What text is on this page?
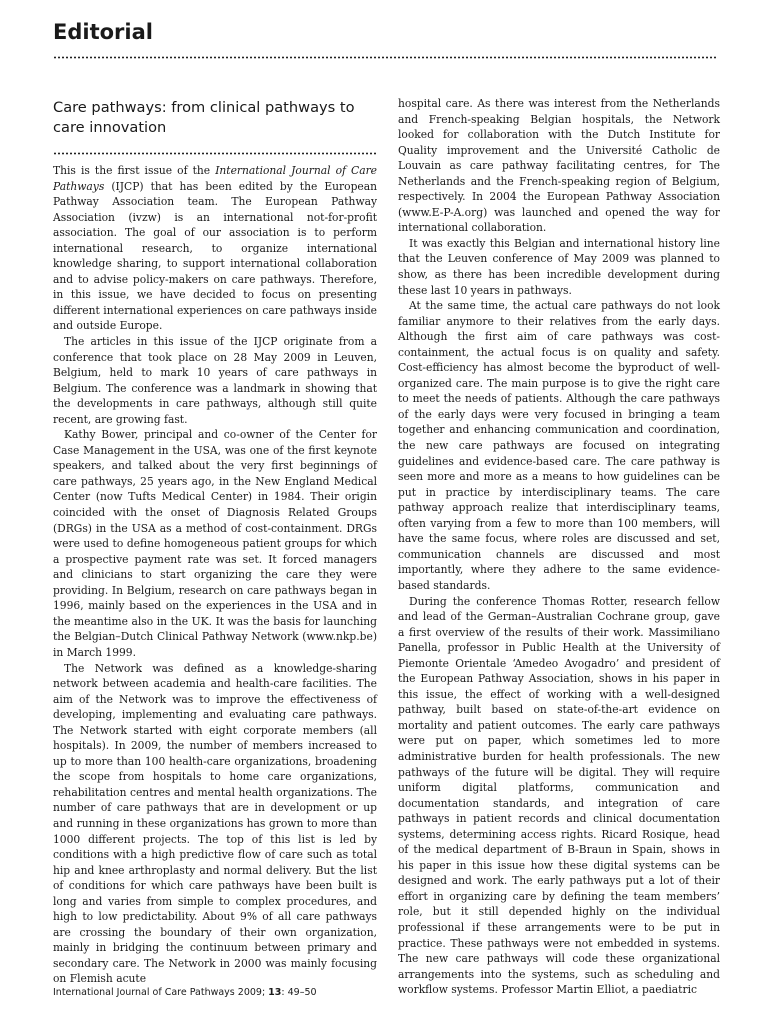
Editorial
Care pathways: from clinical pathways to care innovation

This is the first issue of the International Journal of Care Pathways (IJCP) that has been edited by the European Pathway Association team. The European Pathway Association (ivzw) is an international not-for-profit association. The goal of our association is to perform international research, to organize international knowledge sharing, to support international collaboration and to advise policy-makers on care pathways. Therefore, in this issue, we have decided to focus on presenting different international experiences on care pathways inside and outside Europe.

The articles in this issue of the IJCP originate from a conference that took place on 28 May 2009 in Leuven, Belgium, held to mark 10 years of care pathways in Belgium. The conference was a landmark in showing that the developments in care pathways, although still quite recent, are growing fast.

Kathy Bower, principal and co-owner of the Center for Case Management in the USA, was one of the first keynote speakers, and talked about the very first beginnings of care pathways, 25 years ago, in the New England Medical Center (now Tufts Medical Center) in 1984. Their origin coincided with the onset of Diagnosis Related Groups (DRGs) in the USA as a method of cost-containment. DRGs were used to define homogeneous patient groups for which a prospective payment rate was set. It forced managers and clinicians to start organizing the care they were providing. In Belgium, research on care pathways began in 1996, mainly based on the experiences in the USA and in the meantime also in the UK. It was the basis for launching the Belgian–Dutch Clinical Pathway Network (www.nkp.be) in March 1999.

The Network was defined as a knowledge-sharing network between academia and health-care facilities. The aim of the Network was to improve the effectiveness of developing, implementing and evaluating care pathways. The Network started with eight corporate members (all hospitals). In 2009, the number of members increased to up to more than 100 health-care organizations, broadening the scope from hospitals to home care organizations, rehabilitation centres and mental health organizations. The number of care pathways that are in development or up and running in these organizations has grown to more than 1000 different projects. The top of this list is led by conditions with a high predictive flow of care such as total hip and knee arthroplasty and normal delivery. But the list of conditions for which care pathways have been built is long and varies from simple to complex procedures, and high to low predictability. About 9% of all care pathways are crossing the boundary of their own organization, mainly in bridging the continuum between primary and secondary care. The Network in 2000 was mainly focusing on Flemish acute

hospital care. As there was interest from the Netherlands and French-speaking Belgian hospitals, the Network looked for collaboration with the Dutch Institute for Quality improvement and the Université Catholic de Louvain as care pathway facilitating centres, for The Netherlands and the French-speaking region of Belgium, respectively. In 2004 the European Pathway Association (www.E-P-A.org) was launched and opened the way for international collaboration.

It was exactly this Belgian and international history line that the Leuven conference of May 2009 was planned to show, as there has been incredible development during these last 10 years in pathways.

At the same time, the actual care pathways do not look familiar anymore to their relatives from the early days. Although the first aim of care pathways was cost-containment, the actual focus is on quality and safety. Cost-efficiency has almost become the byproduct of well-organized care. The main purpose is to give the right care to meet the needs of patients. Although the care pathways of the early days were very focused in bringing a team together and enhancing communication and coordination, the new care pathways are focused on integrating guidelines and evidence-based care. The care pathway is seen more and more as a means to how guidelines can be put in practice by interdisciplinary teams. The care pathway approach realize that interdisciplinary teams, often varying from a few to more than 100 members, will have the same focus, where roles are discussed and set, communication channels are discussed and most importantly, where they adhere to the same evidence-based standards.

During the conference Thomas Rotter, research fellow and lead of the German–Australian Cochrane group, gave a first overview of the results of their work. Massimiliano Panella, professor in Public Health at the University of Piemonte Orientale ‘Amedeo Avogadro’ and president of the European Pathway Association, shows in his paper in this issue, the effect of working with a well-designed pathway, built based on state-of-the-art evidence on mortality and patient outcomes. The early care pathways were put on paper, which sometimes led to more administrative burden for health professionals. The new pathways of the future will be digital. They will require uniform digital platforms, communication and documentation standards, and integration of care pathways in patient records and clinical documentation systems, determining access rights. Ricard Rosique, head of the medical department of B-Braun in Spain, shows in his paper in this issue how these digital systems can be designed and work. The early pathways put a lot of their effort in organizing care by defining the team members’ role, but it still depended highly on the individual professional if these arrangements were to be put in practice. These pathways were not embedded in systems. The new care pathways will code these organizational arrangements into the systems, such as scheduling and workflow systems. Professor Martin Elliot, a paediatric

International Journal of Care Pathways 2009; 13: 49–50
